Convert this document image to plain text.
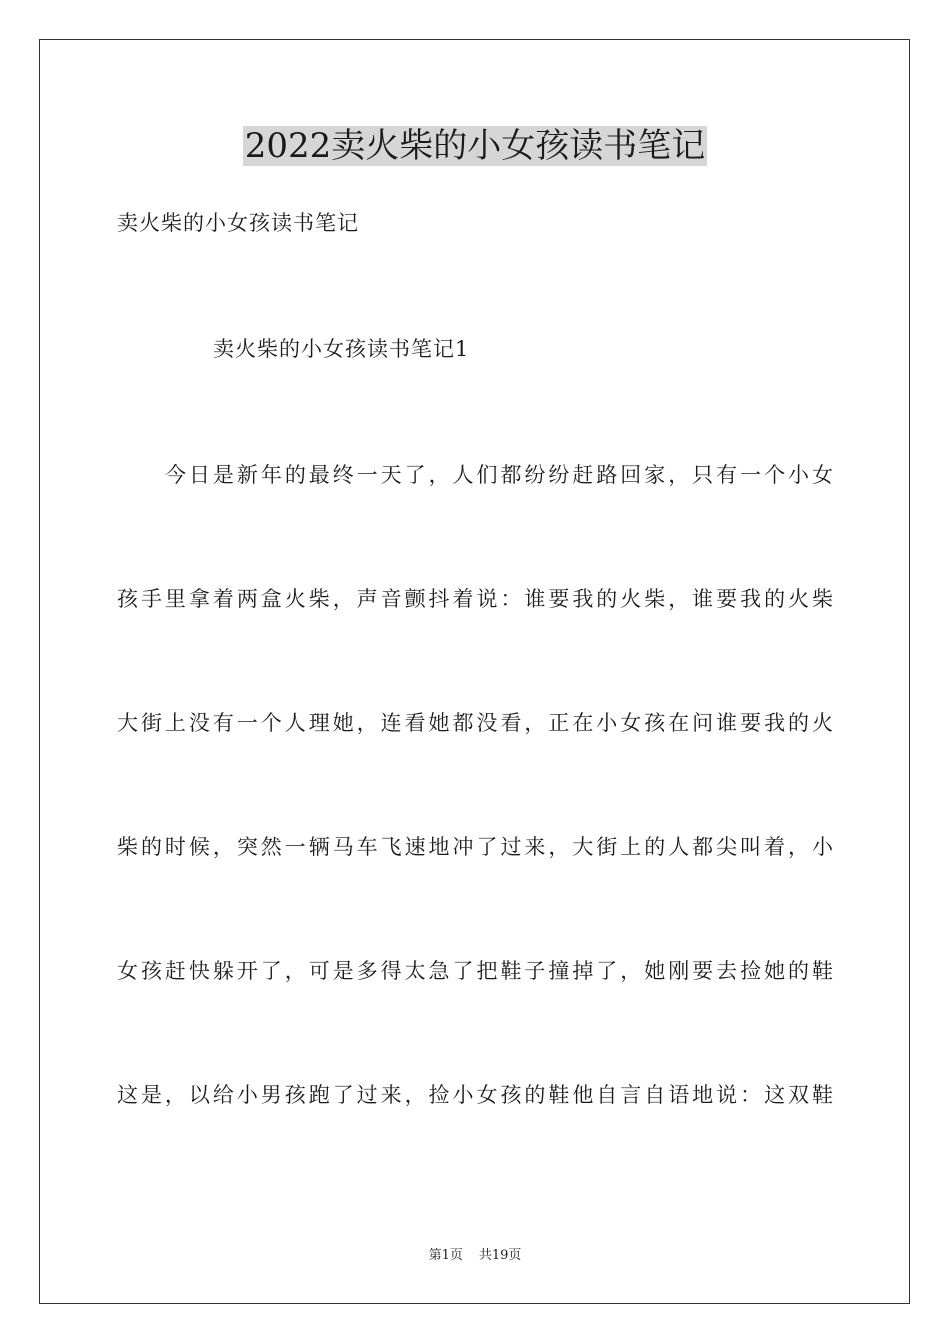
2022卖火柴的小女孩读书笔记

卖火柴的小女孩读书笔记

卖火柴的小女孩读书笔记1

今日是新年的最终一天了，人们都纷纷赶路回家，只有一个小女

孩手里拿着两盒火柴，声音颤抖着说：谁要我的火柴，谁要我的火柴

大街上没有一个人理她，连看她都没看，正在小女孩在问谁要我的火

柴的时候，突然一辆马车飞速地冲了过来，大街上的人都尖叫着，小

女孩赶快躲开了，可是多得太急了把鞋子撞掉了，她刚要去捡她的鞋

这是，以给小男孩跑了过来，捡小女孩的鞋他自言自语地说：这双鞋

第1页 共19页
